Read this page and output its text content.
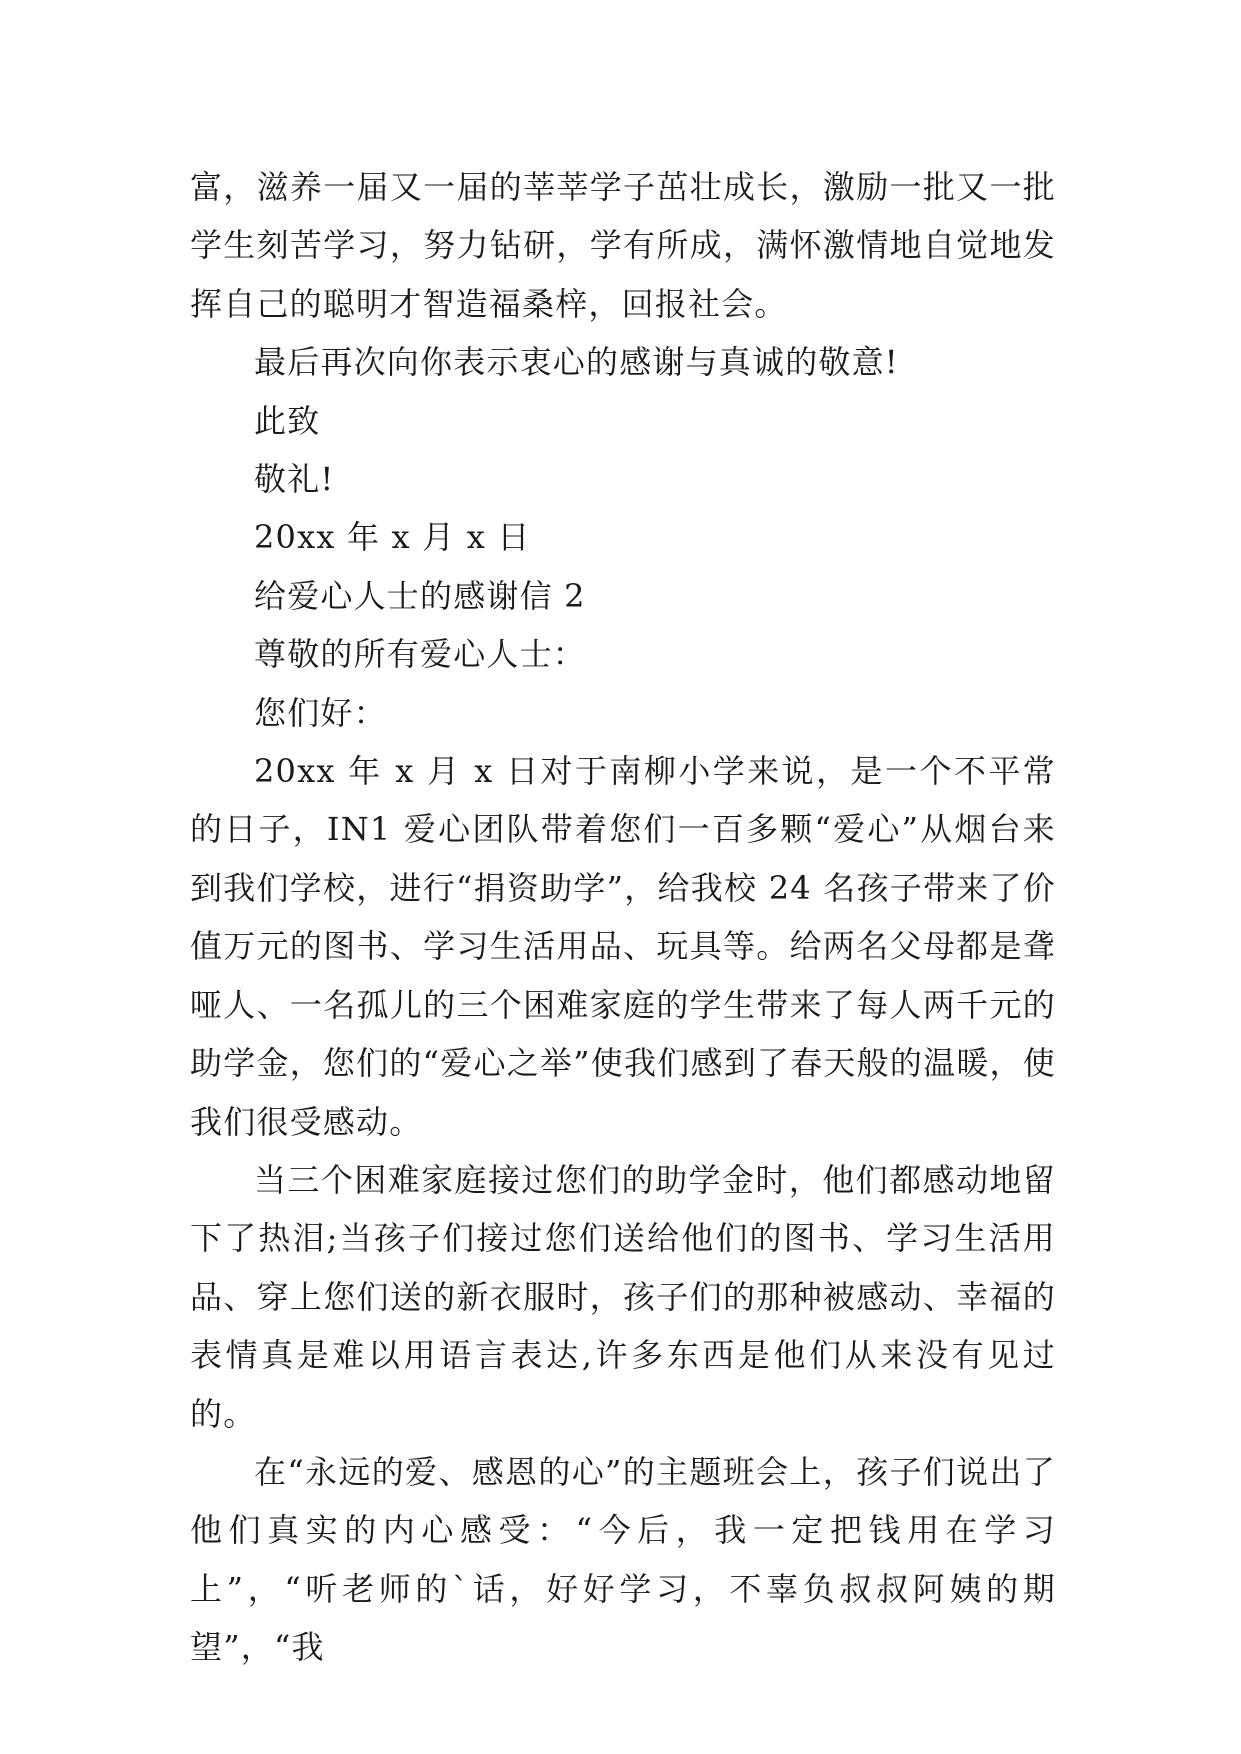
富，滋养一届又一届的莘莘学子茁壮成长，激励一批又一批学生刻苦学习，努力钻研，学有所成，满怀激情地自觉地发挥自己的聪明才智造福桑梓，回报社会。

最后再次向你表示衷心的感谢与真诚的敬意!

此致

敬礼!

20xx 年 x 月 x 日

给爱心人士的感谢信 2

尊敬的所有爱心人士：

您们好：

20xx 年 x 月 x 日对于南柳小学来说，是一个不平常的日子，IN1 爱心团队带着您们一百多颗“爱心”从烟台来到我们学校，进行“捐资助学”，给我校 24 名孩子带来了价值万元的图书、学习生活用品、玩具等。给两名父母都是聋哑人、一名孤儿的三个困难家庭的学生带来了每人两千元的助学金，您们的“爱心之举”使我们感到了春天般的温暖，使我们很受感动。

当三个困难家庭接过您们的助学金时，他们都感动地留下了热泪;当孩子们接过您们送给他们的图书、学习生活用品、穿上您们送的新衣服时，孩子们的那种被感动、幸福的表情真是难以用语言表达,许多东西是他们从来没有见过的。

在“永远的爱、感恩的心”的主题班会上，孩子们说出了他们真实的内心感受：“今后，我一定把钱用在学习上”，“听老师的`话，好好学习，不辜负叔叔阿姨的期望”，“我
